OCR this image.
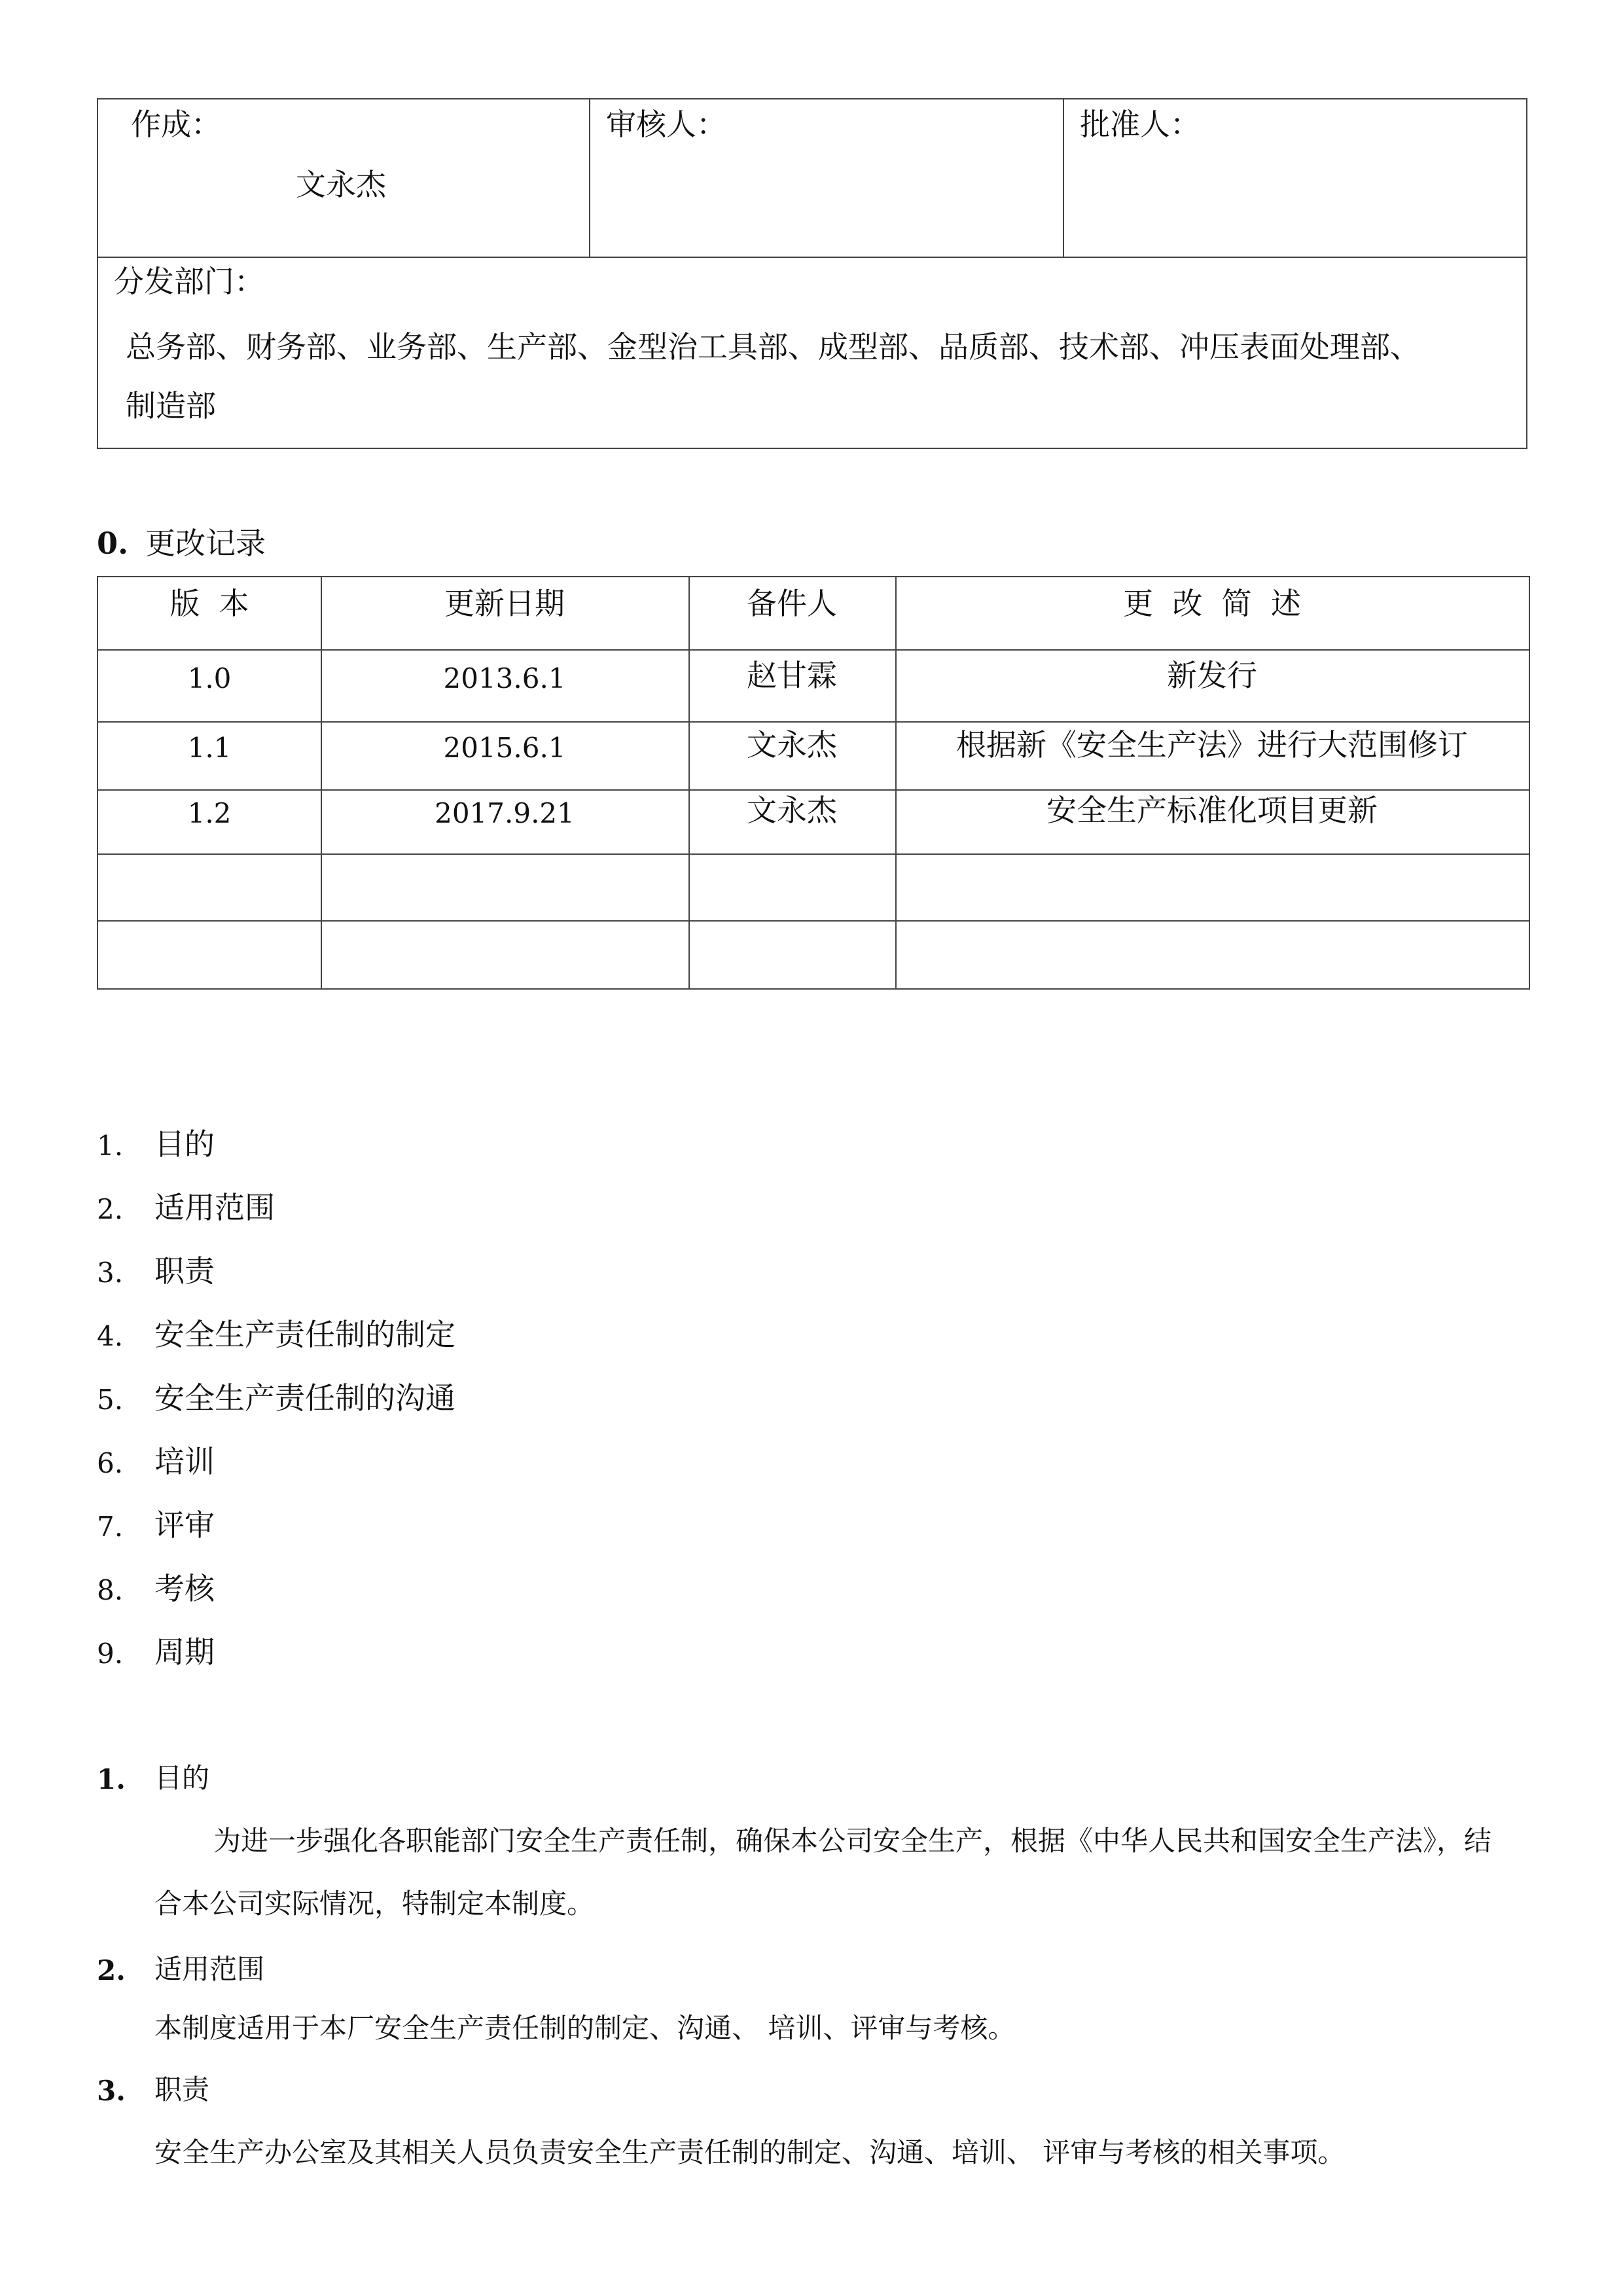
作成：
文永杰
审核人：	批准人：
分发部门：
总务部、财务部、业务部、生产部、金型治工具部、成型部、品质部、技术部、冲压表面处理部、
制造部
0. 更改记录
版  本	更新日期	备件人	更  改  简  述
1.0	2013.6.1	赵甘霖	新发行
1.1	2015.6.1	文永杰	根据新《安全生产法》进行大范围修订
1.2	2017.9.21	文永杰	安全生产标准化项目更新
1. 目的
2. 适用范围
3. 职责
4. 安全生产责任制的制定
5. 安全生产责任制的沟通
6. 培训
7. 评审
8. 考核
9. 周期
1. 目的
为进一步强化各职能部门安全生产责任制，确保本公司安全生产，根据《中华人民共和国安全生产法》，结
合本公司实际情况，特制定本制度。
2. 适用范围
本制度适用于本厂安全生产责任制的制定、沟通、 培训、评审与考核。
3. 职责
安全生产办公室及其相关人员负责安全生产责任制的制定、沟通、培训、 评审与考核的相关事项。
